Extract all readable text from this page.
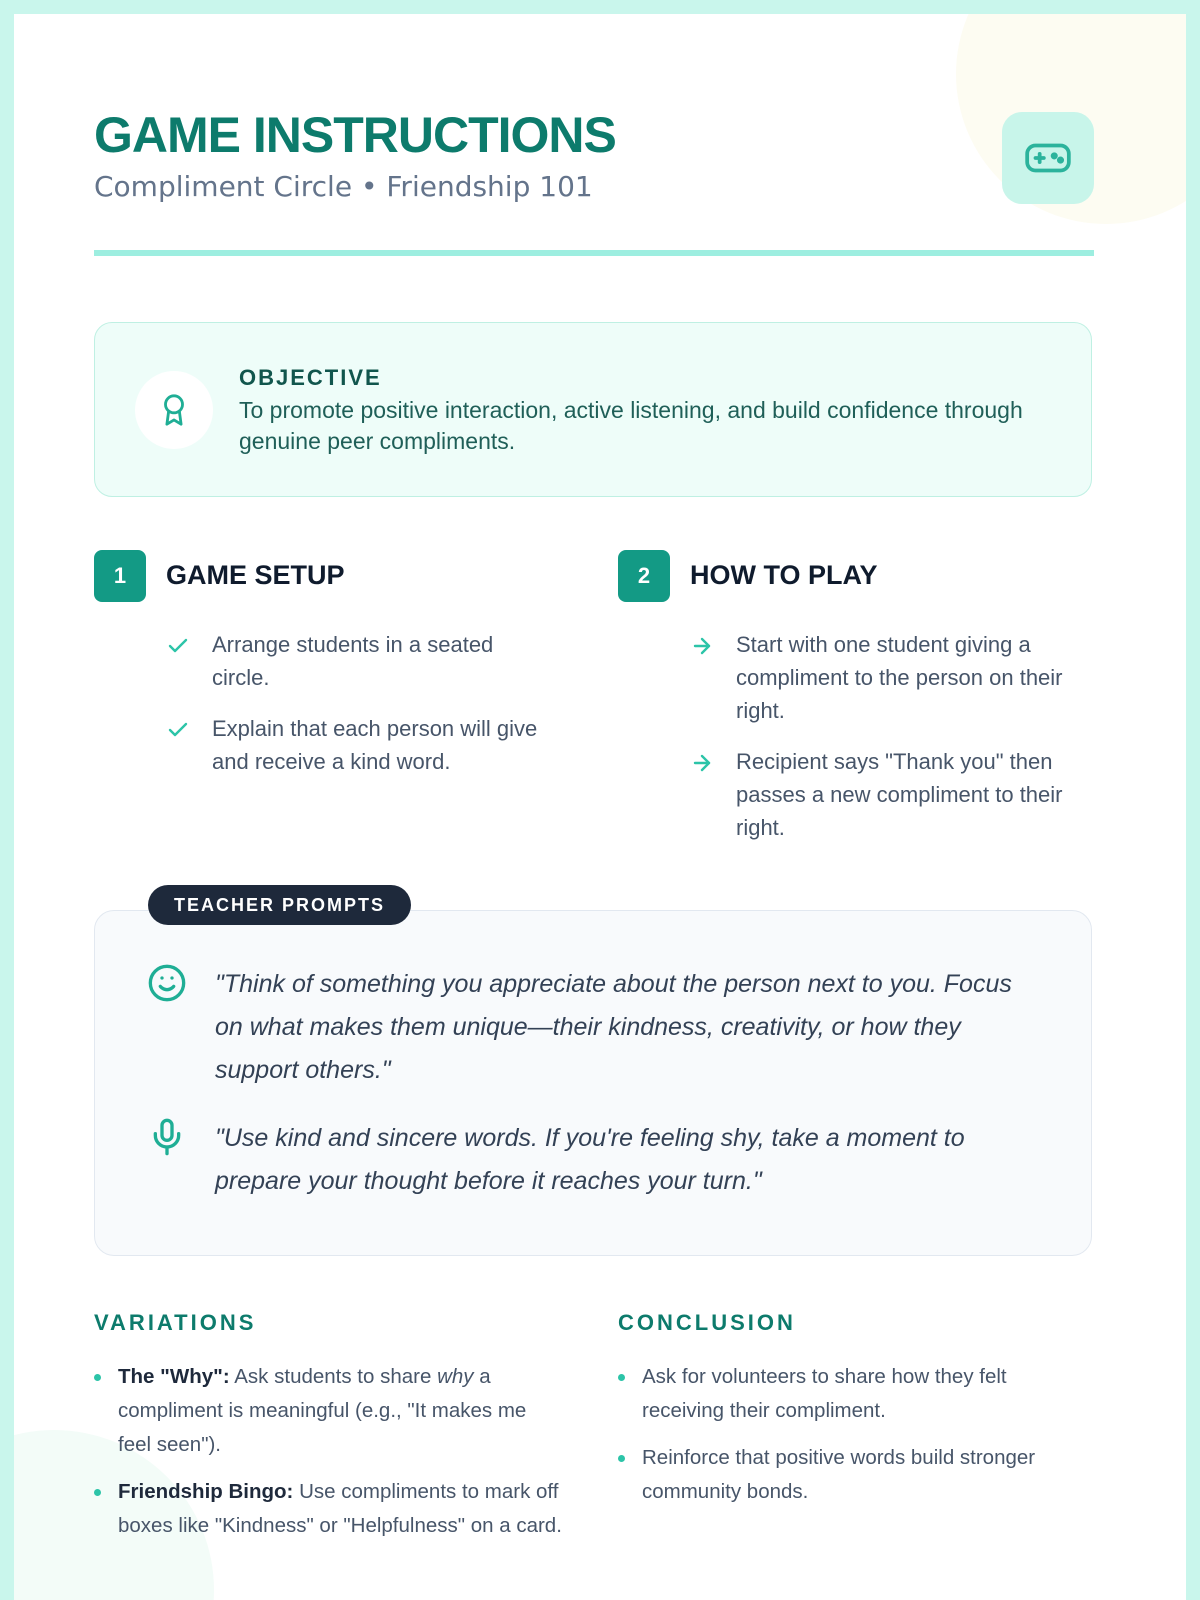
GAME INSTRUCTIONS
Compliment Circle • Friendship 101
OBJECTIVE
To promote positive interaction, active listening, and build confidence through genuine peer compliments.
1	GAME SETUP
Arrange students in a seated circle.
Explain that each person will give and receive a kind word.
2	HOW TO PLAY
Start with one student giving a compliment to the person on their right.
Recipient says "Thank you" then passes a new compliment to their right.
"Think of something you appreciate about the person next to you. Focus on what makes them unique—their kindness, creativity, or how they support others."
"Use kind and sincere words. If you're feeling shy, take a moment to prepare your thought before it reaches your turn."
TEACHER PROMPTS
VARIATIONS
The "Why": Ask students to share why a compliment is meaningful (e.g., "It makes me feel seen").
Friendship Bingo: Use compliments to mark off boxes like "Kindness" or "Helpfulness" on a card.
CONCLUSION
Ask for volunteers to share how they felt receiving their compliment.
Reinforce that positive words build stronger community bonds.
